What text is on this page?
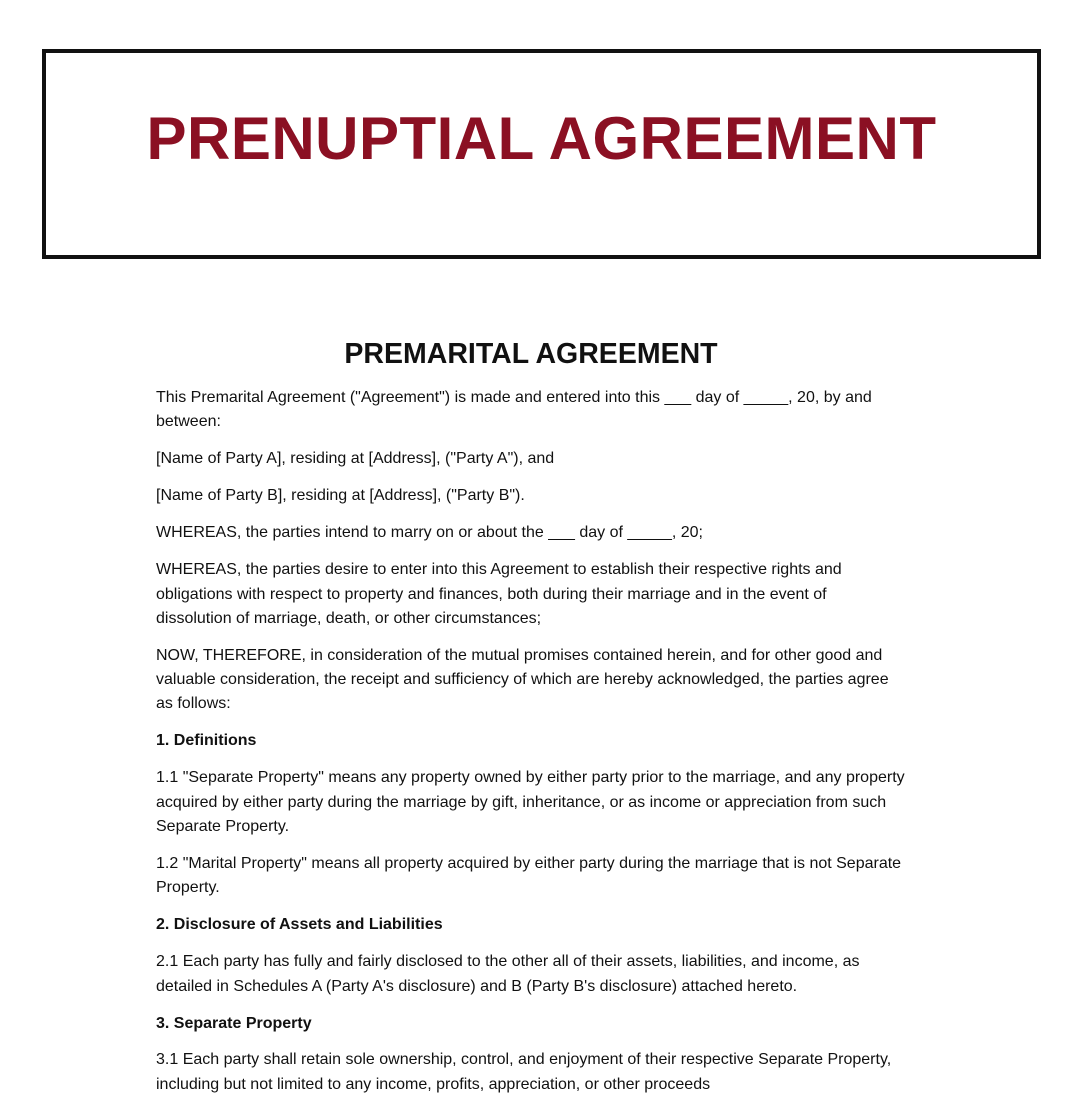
PRENUPTIAL AGREEMENT
PREMARITAL AGREEMENT

This Premarital Agreement ("Agreement") is made and entered into this ___ day of _____, 20, by and between:

[Name of Party A], residing at [Address], ("Party A"), and

[Name of Party B], residing at [Address], ("Party B").

WHEREAS, the parties intend to marry on or about the ___ day of _____, 20;

WHEREAS, the parties desire to enter into this Agreement to establish their respective rights and obligations with respect to property and finances, both during their marriage and in the event of dissolution of marriage, death, or other circumstances;

NOW, THEREFORE, in consideration of the mutual promises contained herein, and for other good and valuable consideration, the receipt and sufficiency of which are hereby acknowledged, the parties agree as follows:

1. Definitions

1.1 "Separate Property" means any property owned by either party prior to the marriage, and any property acquired by either party during the marriage by gift, inheritance, or as income or appreciation from such Separate Property.

1.2 "Marital Property" means all property acquired by either party during the marriage that is not Separate Property.

2. Disclosure of Assets and Liabilities

2.1 Each party has fully and fairly disclosed to the other all of their assets, liabilities, and income, as detailed in Schedules A (Party A's disclosure) and B (Party B's disclosure) attached hereto.

3. Separate Property

3.1 Each party shall retain sole ownership, control, and enjoyment of their respective Separate Property, including but not limited to any income, profits, appreciation, or other proceeds
